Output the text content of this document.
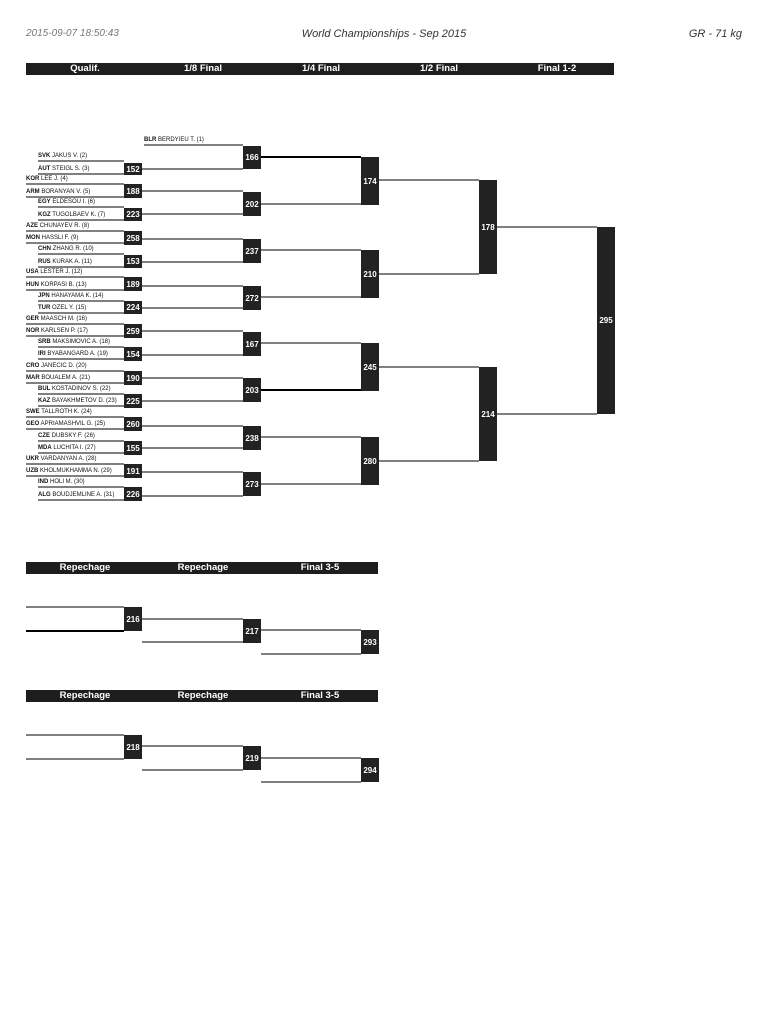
2015-09-07 18:50:43	World Championships - Sep 2015	GR - 71 kg
Qualif.	1/8 Final	1/4 Final	1/2 Final	Final 1-2
Repechage	Repechage	Final 3-5
Repechage	Repechage	Final 3-5
BLR BERDYIEU T. (1)
SVK JAKUS V. (2)
AUT STEIGL S. (3)
KOR LEE J. (4)
ARM BORANYAN V. (5)
EGY ELDESOU I. (6)
KGZ TUGOLBAEV K. (7)
AZE CHUNAYEV R. (8)
MON HASSLI F. (9)
CHN ZHANG R. (10)
RUS KURAK A. (11)
USA LESTER J. (12)
HUN KORPASI B. (13)
JPN HANAYAMA K. (14)
TUR OZEL Y. (15)
GER MAASCH M. (16)
NOR KARLSEN P. (17)
SRB MAKSIMOVIC A. (18)
IRI BYABANGARD A. (19)
CRO JANECIC D. (20)
MAR BOUALEM A. (21)
BUL KOSTADINOV S. (22)
KAZ BAYAKHMETOV D. (23)
SWE TALLROTH K. (24)
GEO APRIAMASHVIL G. (25)
CZE DUBSKY F. (26)
MDA LUCHITA I. (27)
UKR VARDANYAN A. (28)
UZB KHOLMUKHAMMA N. (29)
IND HOLI M. (30)
ALG BOUDJEMLINE A. (31)
152
188
223
258
153
189
224
259
154
190
225
260
155
191
226
166
202
237
272
167
203
238
273
174
210
245
280
178
214
295
216
217
293
218
219
294
